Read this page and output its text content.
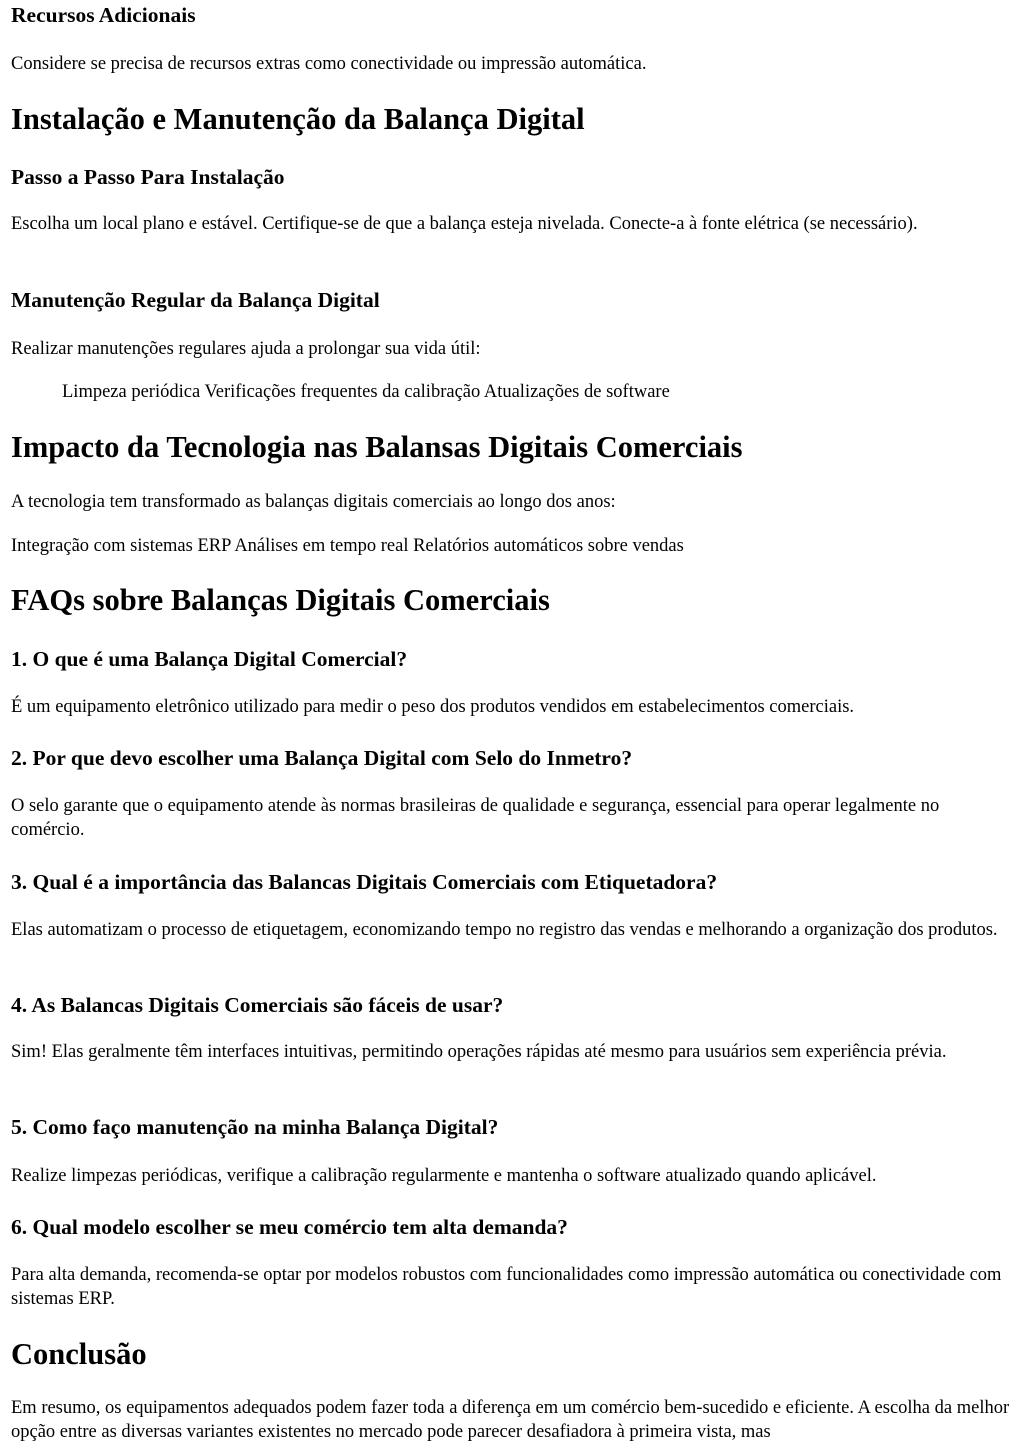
Recursos Adicionais

Considere se precisa de recursos extras como conectividade ou impressão automática.

Instalação e Manutenção da Balança Digital
Passo a Passo Para Instalação

Escolha um local plano e estável. Certifique-se de que a balança esteja nivelada. Conecte-a à fonte elétrica (se necessário).

Manutenção Regular da Balança Digital

Realizar manutenções regulares ajuda a prolongar sua vida útil:

Limpeza periódica Verificações frequentes da calibração Atualizações de software

Impacto da Tecnologia nas Balansas Digitais Comerciais

A tecnologia tem transformado as balanças digitais comerciais ao longo dos anos:

Integração com sistemas ERP Análises em tempo real Relatórios automáticos sobre vendas

FAQs sobre Balanças Digitais Comerciais
1. O que é uma Balança Digital Comercial?

É um equipamento eletrônico utilizado para medir o peso dos produtos vendidos em estabelecimentos comerciais.

2. Por que devo escolher uma Balança Digital com Selo do Inmetro?

O selo garante que o equipamento atende às normas brasileiras de qualidade e segurança, essencial para operar legalmente no comércio.

3. Qual é a importância das Balancas Digitais Comerciais com Etiquetadora?

Elas automatizam o processo de etiquetagem, economizando tempo no registro das vendas e melhorando a organização dos produtos.

4. As Balancas Digitais Comerciais são fáceis de usar?

Sim! Elas geralmente têm interfaces intuitivas, permitindo operações rápidas até mesmo para usuários sem experiência prévia.

5. Como faço manutenção na minha Balança Digital?

Realize limpezas periódicas, verifique a calibração regularmente e mantenha o software atualizado quando aplicável.

6. Qual modelo escolher se meu comércio tem alta demanda?

Para alta demanda, recomenda-se optar por modelos robustos com funcionalidades como impressão automática ou conectividade com sistemas ERP.

Conclusão

Em resumo, os equipamentos adequados podem fazer toda a diferença em um comércio bem-sucedido e eficiente. A escolha da melhor opção entre as diversas variantes existentes no mercado pode parecer desafiadora à primeira vista, mas
